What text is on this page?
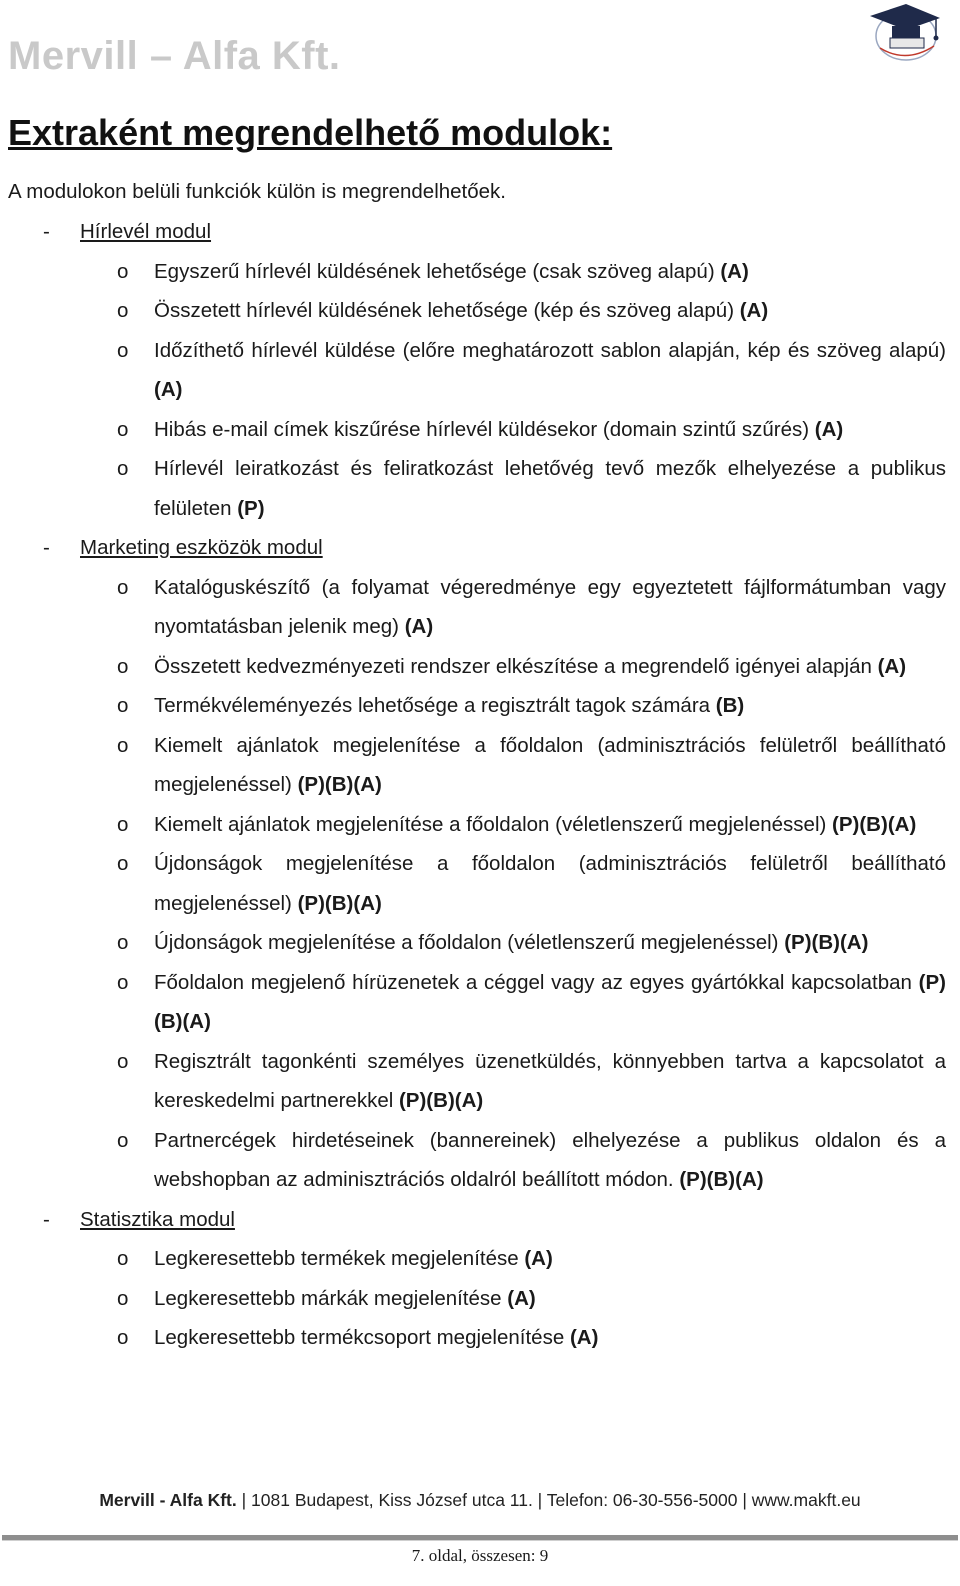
Mervill – Alfa Kft.
Extraként megrendelhető modulok:
A modulokon belüli funkciók külön is megrendelhetőek.
- Hírlevél modul
o Egyszerű hírlevél küldésének lehetősége (csak szöveg alapú) (A)
o Összetett hírlevél küldésének lehetősége (kép és szöveg alapú) (A)
o Időzíthető hírlevél küldése (előre meghatározott sablon alapján, kép és szöveg alapú) (A)
o Hibás e-mail címek kiszűrése hírlevél küldésekor (domain szintű szűrés) (A)
o Hírlevél leiratkozást és feliratkozást lehetővég tevő mezők elhelyezése a publikus felületen (P)
- Marketing eszközök modul
o Katalóguskészítő (a folyamat végeredménye egy egyeztetett fájlformátumban vagy nyomtatásban jelenik meg) (A)
o Összetett kedvezményezeti rendszer elkészítése a megrendelő igényei alapján (A)
o Termékvéleményezés lehetősége a regisztrált tagok számára (B)
o Kiemelt ajánlatok megjelenítése a főoldalon (adminisztrációs felületről beállítható megjelenéssel) (P)(B)(A)
o Kiemelt ajánlatok megjelenítése a főoldalon (véletlenszerű megjelenéssel) (P)(B)(A)
o Újdonságok megjelenítése a főoldalon (adminisztrációs felületről beállítható megjelenéssel) (P)(B)(A)
o Újdonságok megjelenítése a főoldalon (véletlenszerű megjelenéssel) (P)(B)(A)
o Főoldalon megjelenő hírüzenetek a céggel vagy az egyes gyártókkal kapcsolatban (P)(B)(A)
o Regisztrált tagonkénti személyes üzenetküldés, könnyebben tartva a kapcsolatot a kereskedelmi partnerekkel (P)(B)(A)
o Partnercégek hirdetéseinek (bannereinek) elhelyezése a publikus oldalon és a webshopban az adminisztrációs oldalról beállított módon. (P)(B)(A)
- Statisztika modul
o Legkeresettebb termékek megjelenítése (A)
o Legkeresettebb márkák megjelenítése (A)
o Legkeresettebb termékcsoport megjelenítése (A)
Mervill - Alfa Kft. | 1081 Budapest, Kiss József utca 11. | Telefon: 06-30-556-5000 | www.makft.eu
7. oldal, összesen: 9
